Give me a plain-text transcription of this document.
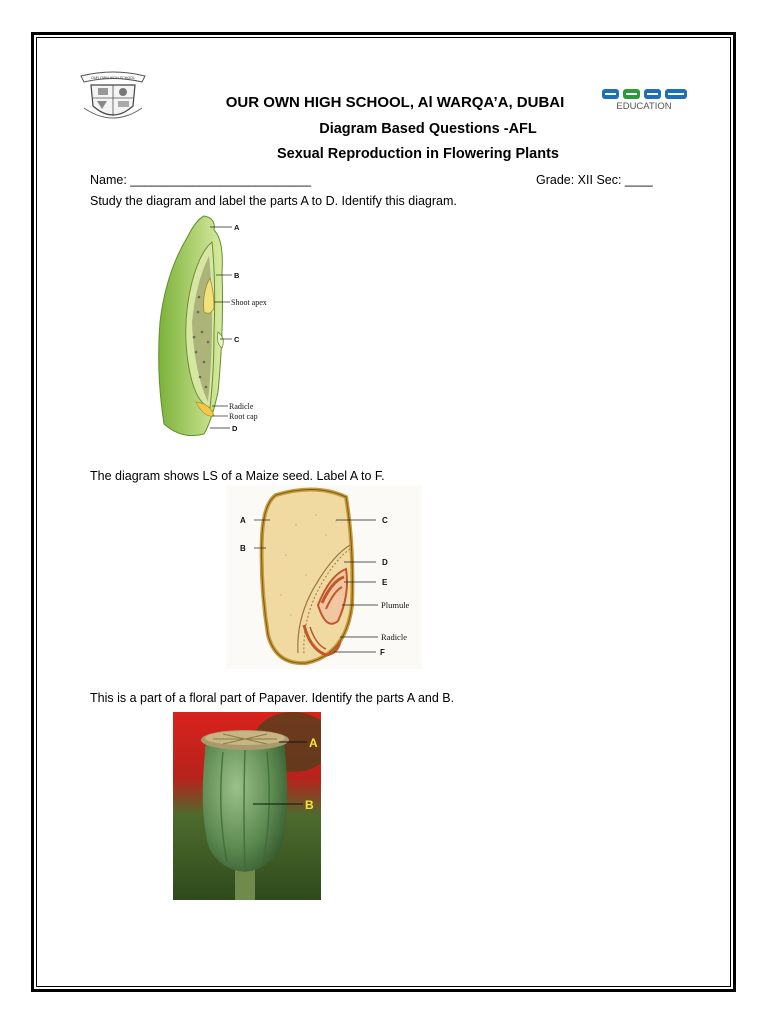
OUR OWN HIGH SCHOOL
EDUCATION
OUR OWN HIGH SCHOOL, Al WARQA’A, DUBAI
Diagram Based Questions -AFL
Sexual Reproduction in Flowering Plants
Name: __________________________	Grade: XII Sec: ____
Study the diagram and label the parts A to D. Identify this diagram.
A
B
C
D
Shoot apex
Radicle
Root cap
The diagram shows LS of a Maize seed. Label A to F.
A
B
C
D
E
F
Plumule
Radicle
This is a part of a floral part of Papaver. Identify the parts A and B.
A
B
